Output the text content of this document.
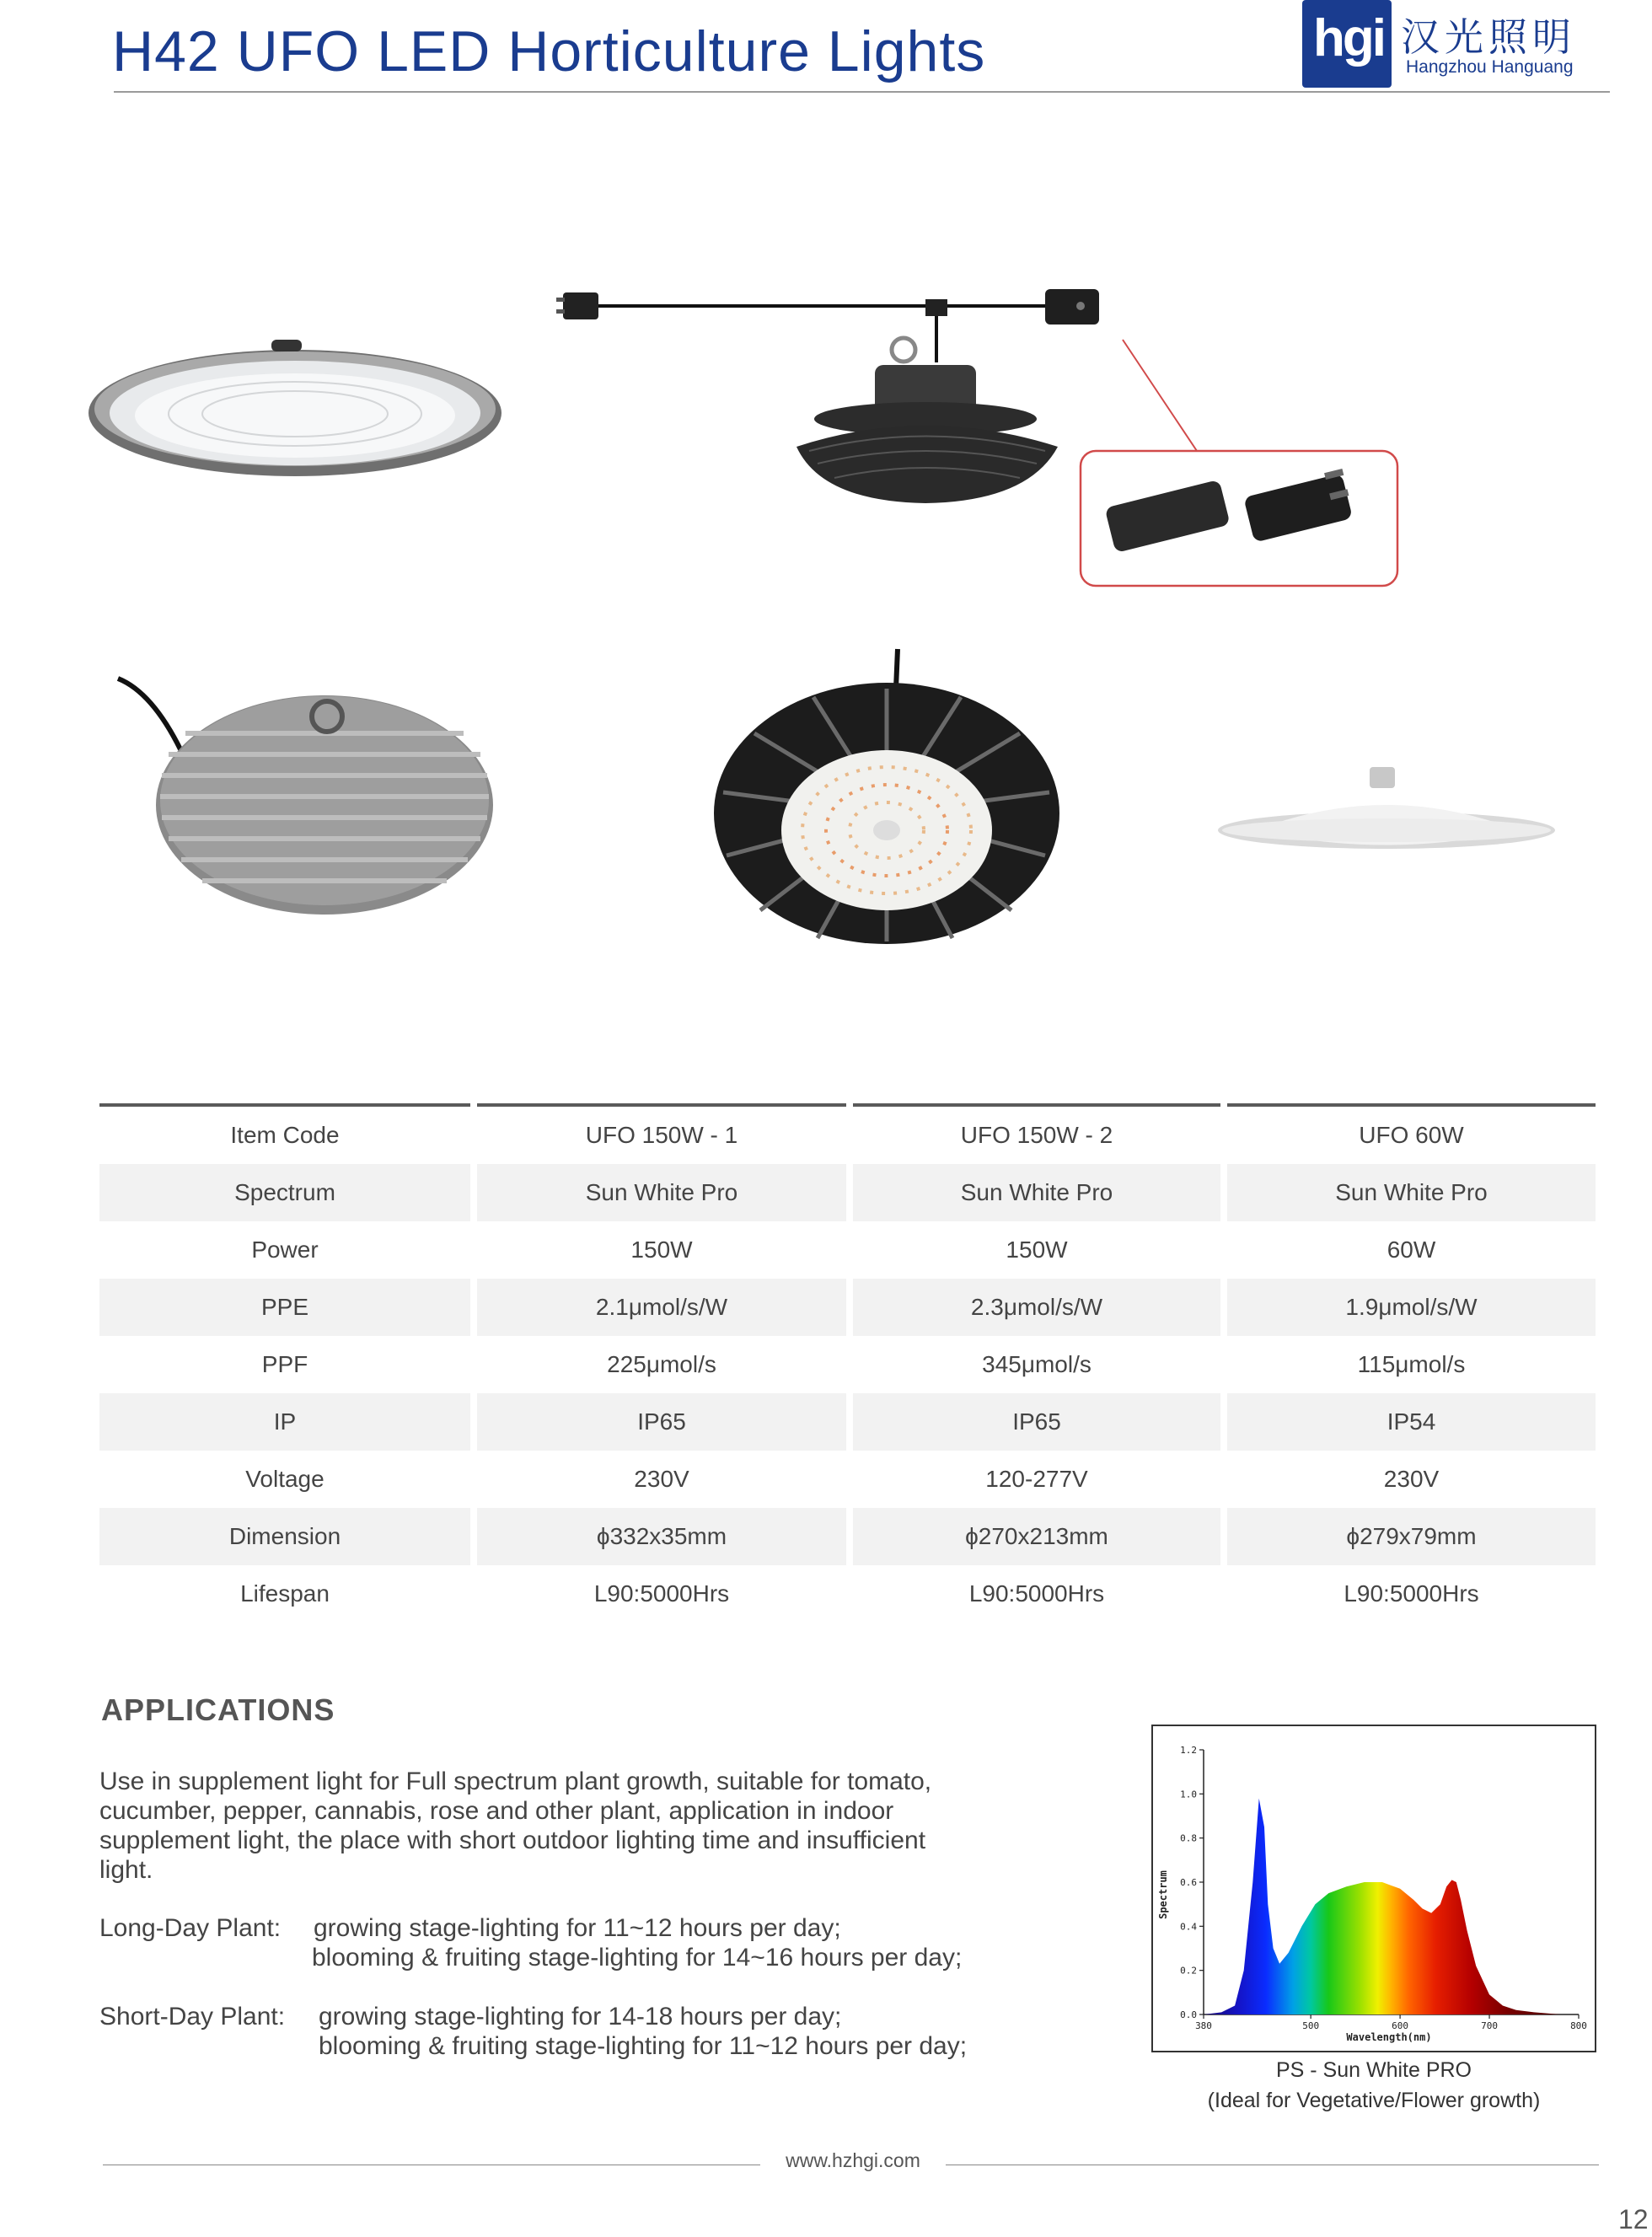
H42 UFO LED Horticulture Lights	hgi 汉光照明
Hangzhou Hanguang
Item Code	UFO 150W - 1	UFO 150W - 2	UFO 60W
Spectrum	Sun White Pro	Sun White Pro	Sun White Pro
Power	150W	150W	60W
PPE	2.1μmol/s/W	2.3μmol/s/W	1.9μmol/s/W
PPF	225μmol/s	345μmol/s	115μmol/s
IP	IP65	IP65	IP54
Voltage	230V	120-277V	230V
Dimension	ϕ332x35mm	ϕ270x213mm	ϕ279x79mm
Lifespan	L90:5000Hrs	L90:5000Hrs	L90:5000Hrs
APPLICATIONS
Use in supplement light for Full spectrum plant growth, suitable for tomato,
cucumber, pepper, cannabis, rose and other plant, application in indoor
supplement light, the place with short outdoor lighting time and insufficient
light.
Long-Day Plant: growing stage-lighting for 11~12 hours per day;
blooming & fruiting stage-lighting for 14~16 hours per day;
Short-Day Plant: growing stage-lighting for 14-18 hours per day;
blooming & fruiting stage-lighting for 11~12 hours per day;
0.0
0.2
0.4
0.6
0.8
1.0
1.2
380	500	600	700	800
Spectrum
Wavelength(nm)
PS - Sun White PRO
(Ideal for Vegetative/Flower growth)
www.hzhgi.com
12
